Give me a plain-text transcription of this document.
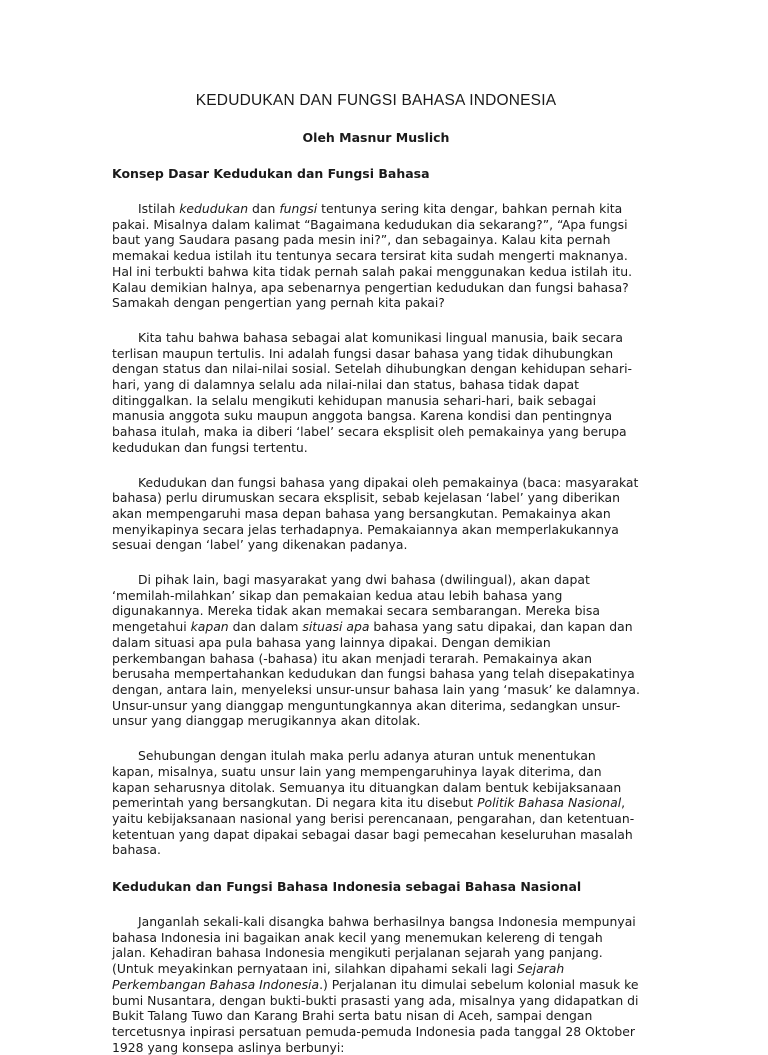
KEDUDUKAN DAN FUNGSI BAHASA INDONESIA
Oleh Masnur Muslich
Konsep Dasar Kedudukan dan Fungsi Bahasa

Istilah kedudukan dan fungsi tentunya sering kita dengar, bahkan pernah kita pakai. Misalnya dalam kalimat “Bagaimana kedudukan dia sekarang?”, “Apa fungsi baut yang Saudara pasang pada mesin ini?”, dan sebagainya. Kalau kita pernah memakai kedua istilah itu tentunya secara tersirat kita sudah mengerti maknanya. Hal ini terbukti bahwa kita tidak pernah salah pakai menggunakan kedua istilah itu. Kalau demikian halnya, apa sebenarnya pengertian kedudukan dan fungsi bahasa? Samakah dengan pengertian yang pernah kita pakai?

Kita tahu bahwa bahasa sebagai alat komunikasi lingual manusia, baik secara terlisan maupun tertulis. Ini adalah fungsi dasar bahasa yang tidak dihubungkan dengan status dan nilai-nilai sosial. Setelah dihubungkan dengan kehidupan sehari-hari, yang di dalamnya selalu ada nilai-nilai dan status, bahasa tidak dapat ditinggalkan. Ia selalu mengikuti kehidupan manusia sehari-hari, baik sebagai manusia anggota suku maupun anggota bangsa. Karena kondisi dan pentingnya bahasa itulah, maka ia diberi ‘label’ secara eksplisit oleh pemakainya yang berupa kedudukan dan fungsi tertentu.

Kedudukan dan fungsi bahasa yang dipakai oleh pemakainya (baca: masyarakat bahasa) perlu dirumuskan secara eksplisit, sebab kejelasan ‘label’ yang diberikan akan mempengaruhi masa depan bahasa yang bersangkutan. Pemakainya akan menyikapinya secara jelas terhadapnya. Pemakaiannya akan memperlakukannya sesuai dengan ‘label’ yang dikenakan padanya.

Di pihak lain, bagi masyarakat yang dwi bahasa (dwilingual), akan dapat ‘memilah-milahkan’ sikap dan pemakaian kedua atau lebih bahasa yang digunakannya. Mereka tidak akan memakai secara sembarangan. Mereka bisa mengetahui kapan dan dalam situasi apa bahasa yang satu dipakai, dan kapan dan dalam situasi apa pula bahasa yang lainnya dipakai. Dengan demikian perkembangan bahasa (-bahasa) itu akan menjadi terarah. Pemakainya akan berusaha mempertahankan kedudukan dan fungsi bahasa yang telah disepakatinya dengan, antara lain, menyeleksi unsur-unsur bahasa lain yang ‘masuk’ ke dalamnya. Unsur-unsur yang dianggap menguntungkannya akan diterima, sedangkan unsur-unsur yang dianggap merugikannya akan ditolak.

Sehubungan dengan itulah maka perlu adanya aturan untuk menentukan kapan, misalnya, suatu unsur lain yang mempengaruhinya layak diterima, dan kapan seharusnya ditolak. Semuanya itu dituangkan dalam bentuk kebijaksanaan pemerintah yang bersangkutan. Di negara kita itu disebut Politik Bahasa Nasional, yaitu kebijaksanaan nasional yang berisi perencanaan, pengarahan, dan ketentuan-ketentuan yang dapat dipakai sebagai dasar bagi pemecahan keseluruhan masalah bahasa.

Kedudukan dan Fungsi Bahasa Indonesia sebagai Bahasa Nasional

Janganlah sekali-kali disangka bahwa berhasilnya bangsa Indonesia mempunyai bahasa Indonesia ini bagaikan anak kecil yang menemukan kelereng di tengah jalan. Kehadiran bahasa Indonesia mengikuti perjalanan sejarah yang panjang. (Untuk meyakinkan pernyataan ini, silahkan dipahami sekali lagi Sejarah Perkembangan Bahasa Indonesia.) Perjalanan itu dimulai sebelum kolonial masuk ke bumi Nusantara, dengan bukti-bukti prasasti yang ada, misalnya yang didapatkan di Bukit Talang Tuwo dan Karang Brahi serta batu nisan di Aceh, sampai dengan tercetusnya inpirasi persatuan pemuda-pemuda Indonesia pada tanggal 28 Oktober 1928 yang konsepa aslinya berbunyi:
